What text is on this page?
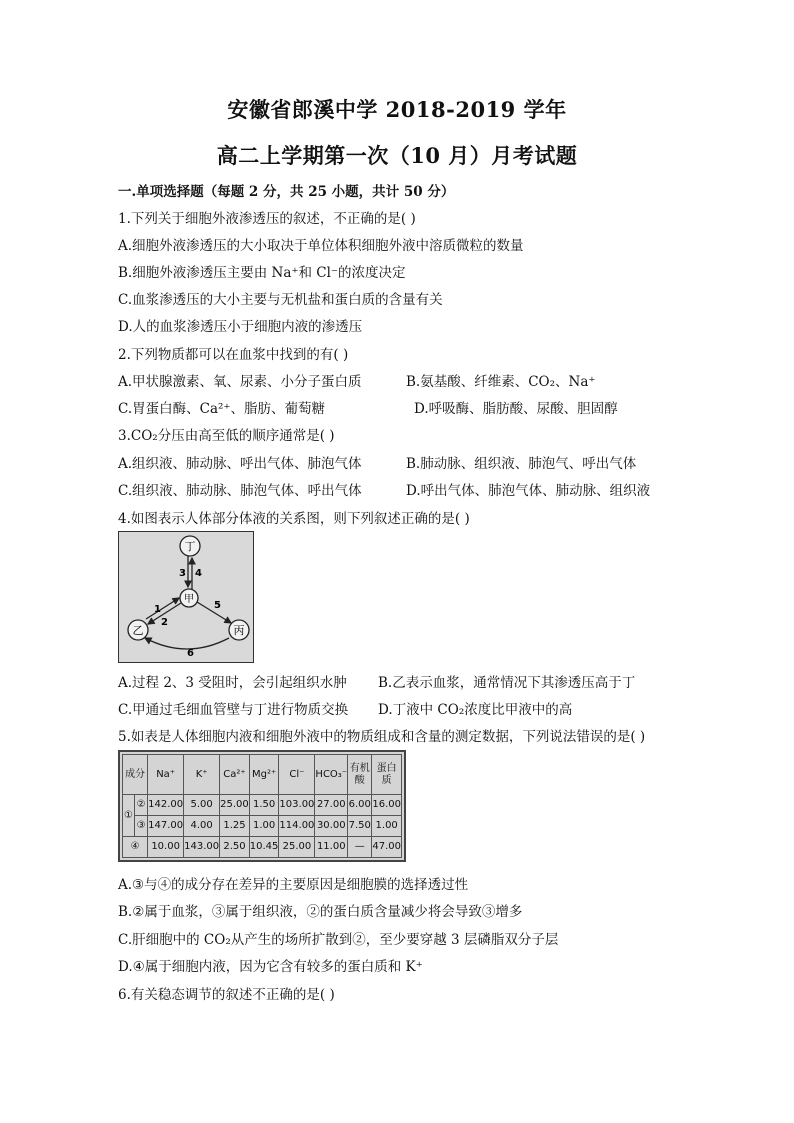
安徽省郎溪中学 2018-2019 学年
高二上学期第一次（10 月）月考试题
一.单项选择题（每题 2 分，共 25 小题，共计 50 分）
1.下列关于细胞外液渗透压的叙述，不正确的是( )
A.细胞外液渗透压的大小取决于单位体积细胞外液中溶质微粒的数量
B.细胞外液渗透压主要由 Na⁺和 Cl⁻的浓度决定
C.血浆渗透压的大小主要与无机盐和蛋白质的含量有关
D.人的血浆渗透压小于细胞内液的渗透压
2.下列物质都可以在血浆中找到的有( )
A.甲状腺激素、氧、尿素、小分子蛋白质	B.氨基酸、纤维素、CO₂、Na⁺
C.胃蛋白酶、Ca²⁺、脂肪、葡萄糖	D.呼吸酶、脂肪酸、尿酸、胆固醇
3.CO₂分压由高至低的顺序通常是( )
A.组织液、肺动脉、呼出气体、肺泡气体	B.肺动脉、组织液、肺泡气、呼出气体
C.组织液、肺动脉、肺泡气体、呼出气体	D.呼出气体、肺泡气体、肺动脉、组织液
4.如图表示人体部分体液的关系图，则下列叙述正确的是( )
丁
甲
乙	丙
3 4
1
2
5
6
A.过程 2、3 受阻时，会引起组织水肿 B.乙表示血浆，通常情况下其渗透压高于丁
C.甲通过毛细血管壁与丁进行物质交换 D.丁液中 CO₂浓度比甲液中的高
5.如表是人体细胞内液和细胞外液中的物质组成和含量的测定数据，下列说法错误的是( )
成分		Na⁺	K⁺	Ca²⁺	Mg²⁺	Cl⁻	HCO₃⁻	有机酸	蛋白质
①	②	142.00	5.00	25.00	1.50	103.00	27.00	6.00	16.00
	③	147.00	4.00	1.25	1.00	114.00	30.00	7.50	1.00
④		10.00	143.00	2.50	10.45	25.00	11.00	—	47.00
A.③与④的成分存在差异的主要原因是细胞膜的选择透过性
B.②属于血浆，③属于组织液，②的蛋白质含量减少将会导致③增多
C.肝细胞中的 CO₂从产生的场所扩散到②，至少要穿越 3 层磷脂双分子层
D.④属于细胞内液，因为它含有较多的蛋白质和 K⁺
6.有关稳态调节的叙述不正确的是( )
